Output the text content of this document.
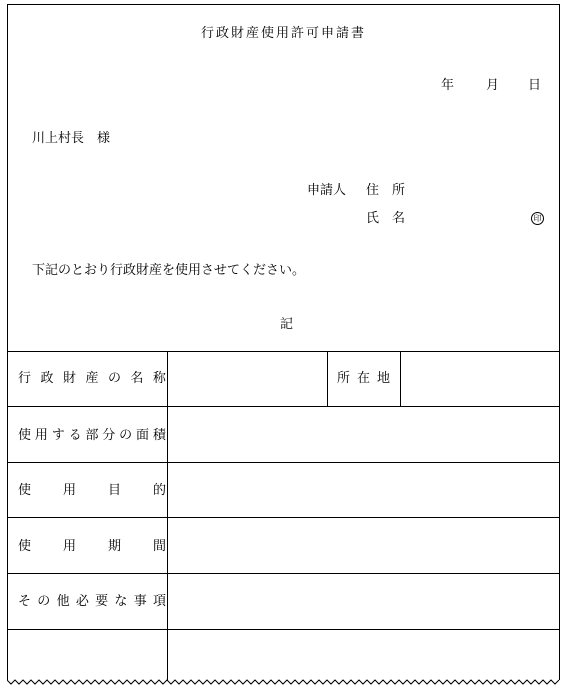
行政財産使用許可申請書
年 月 日
川上村長　様
申請人 住　所
氏　名	印
下記のとおり行政財産を使用させてください。
記
行 政 財 産 の 名 称	所在地
使 用 す る 部 分 の 面 積
使 用 目 的
使 用 期 間
そ の 他 必 要 な 事 項
